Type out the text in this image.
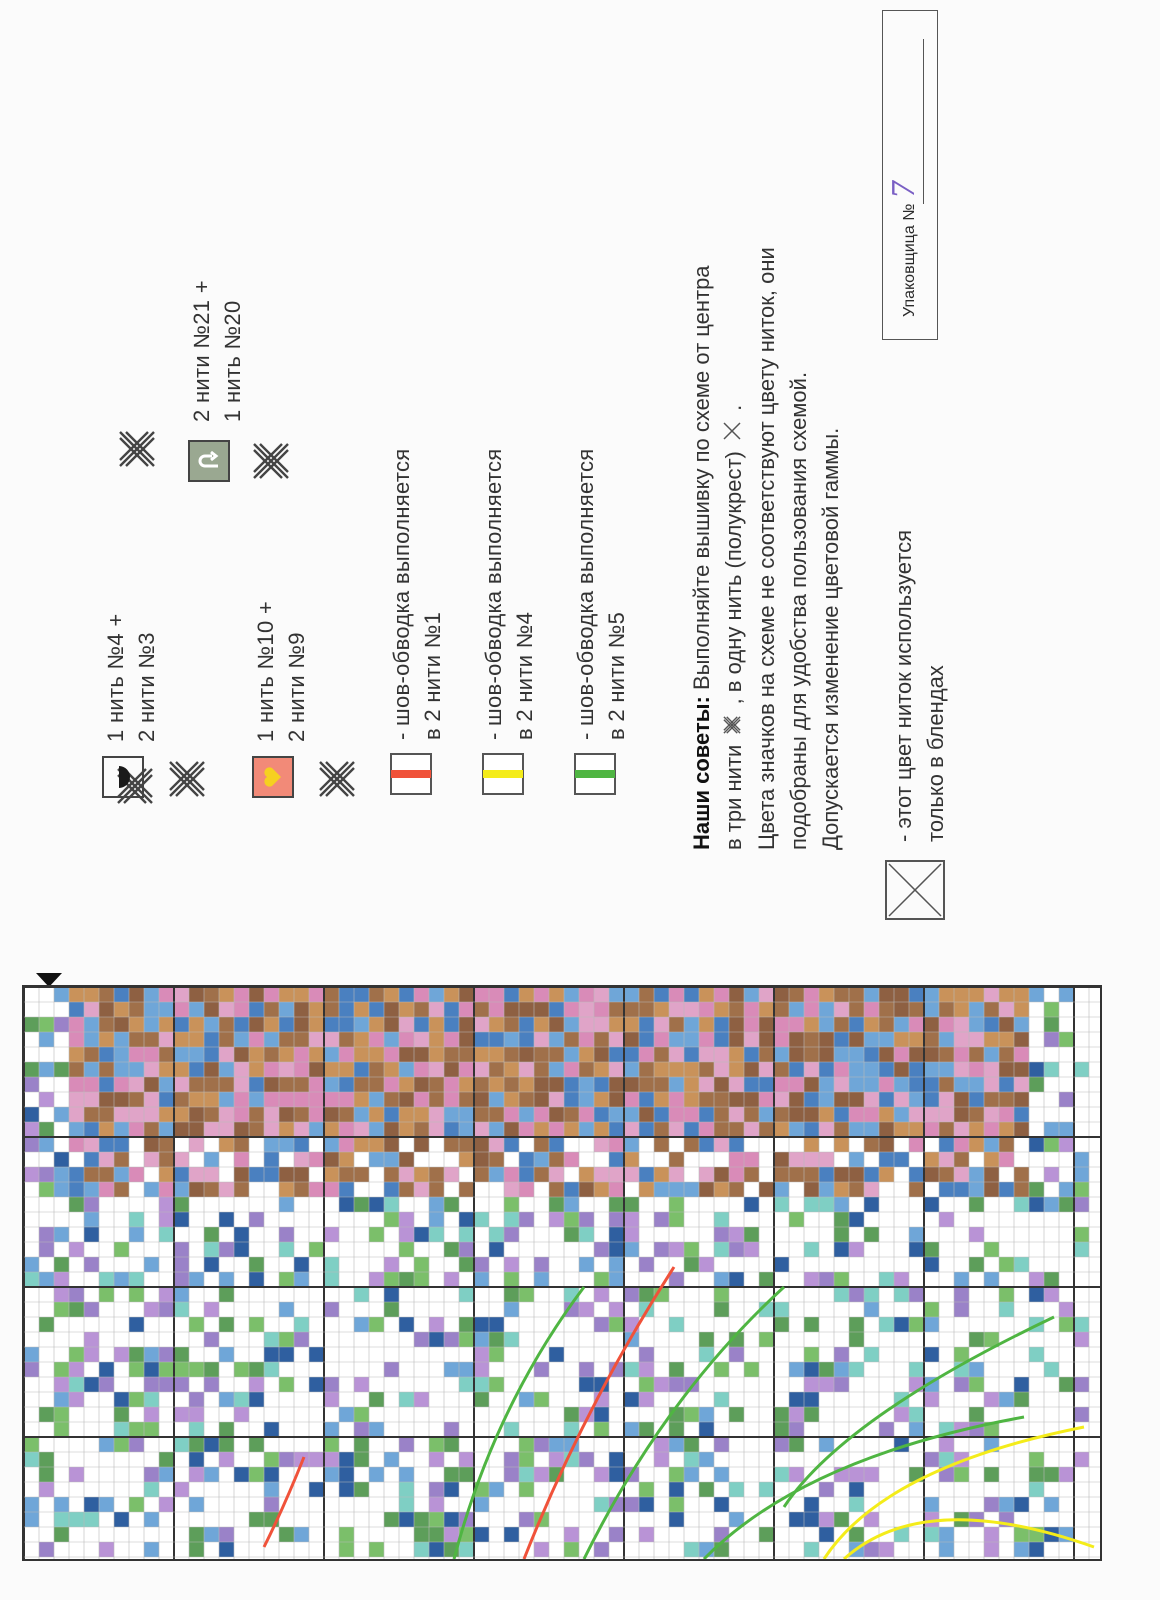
1 нить №4 + 2 нити №3	1 нить №10 + 2 нити №9
2 нити №21 + 1 нить №20
- шов-обводка выполняется в 2 нити №1 - шов-обводка выполняется в 2 нити №4 - шов-обводка выполняется в 2 нити №5
Наши советы: Выполняйте вышивку по схеме от центра
в три нити  , в одну нить (полукрест)  . Цвета значков на схеме не соответствуют цвету ниток, они подобраны для удобства пользования схемой. Допускается изменение цветовой гаммы. - этот цвет ниток используется только в блендах
Упаковщица №
7
